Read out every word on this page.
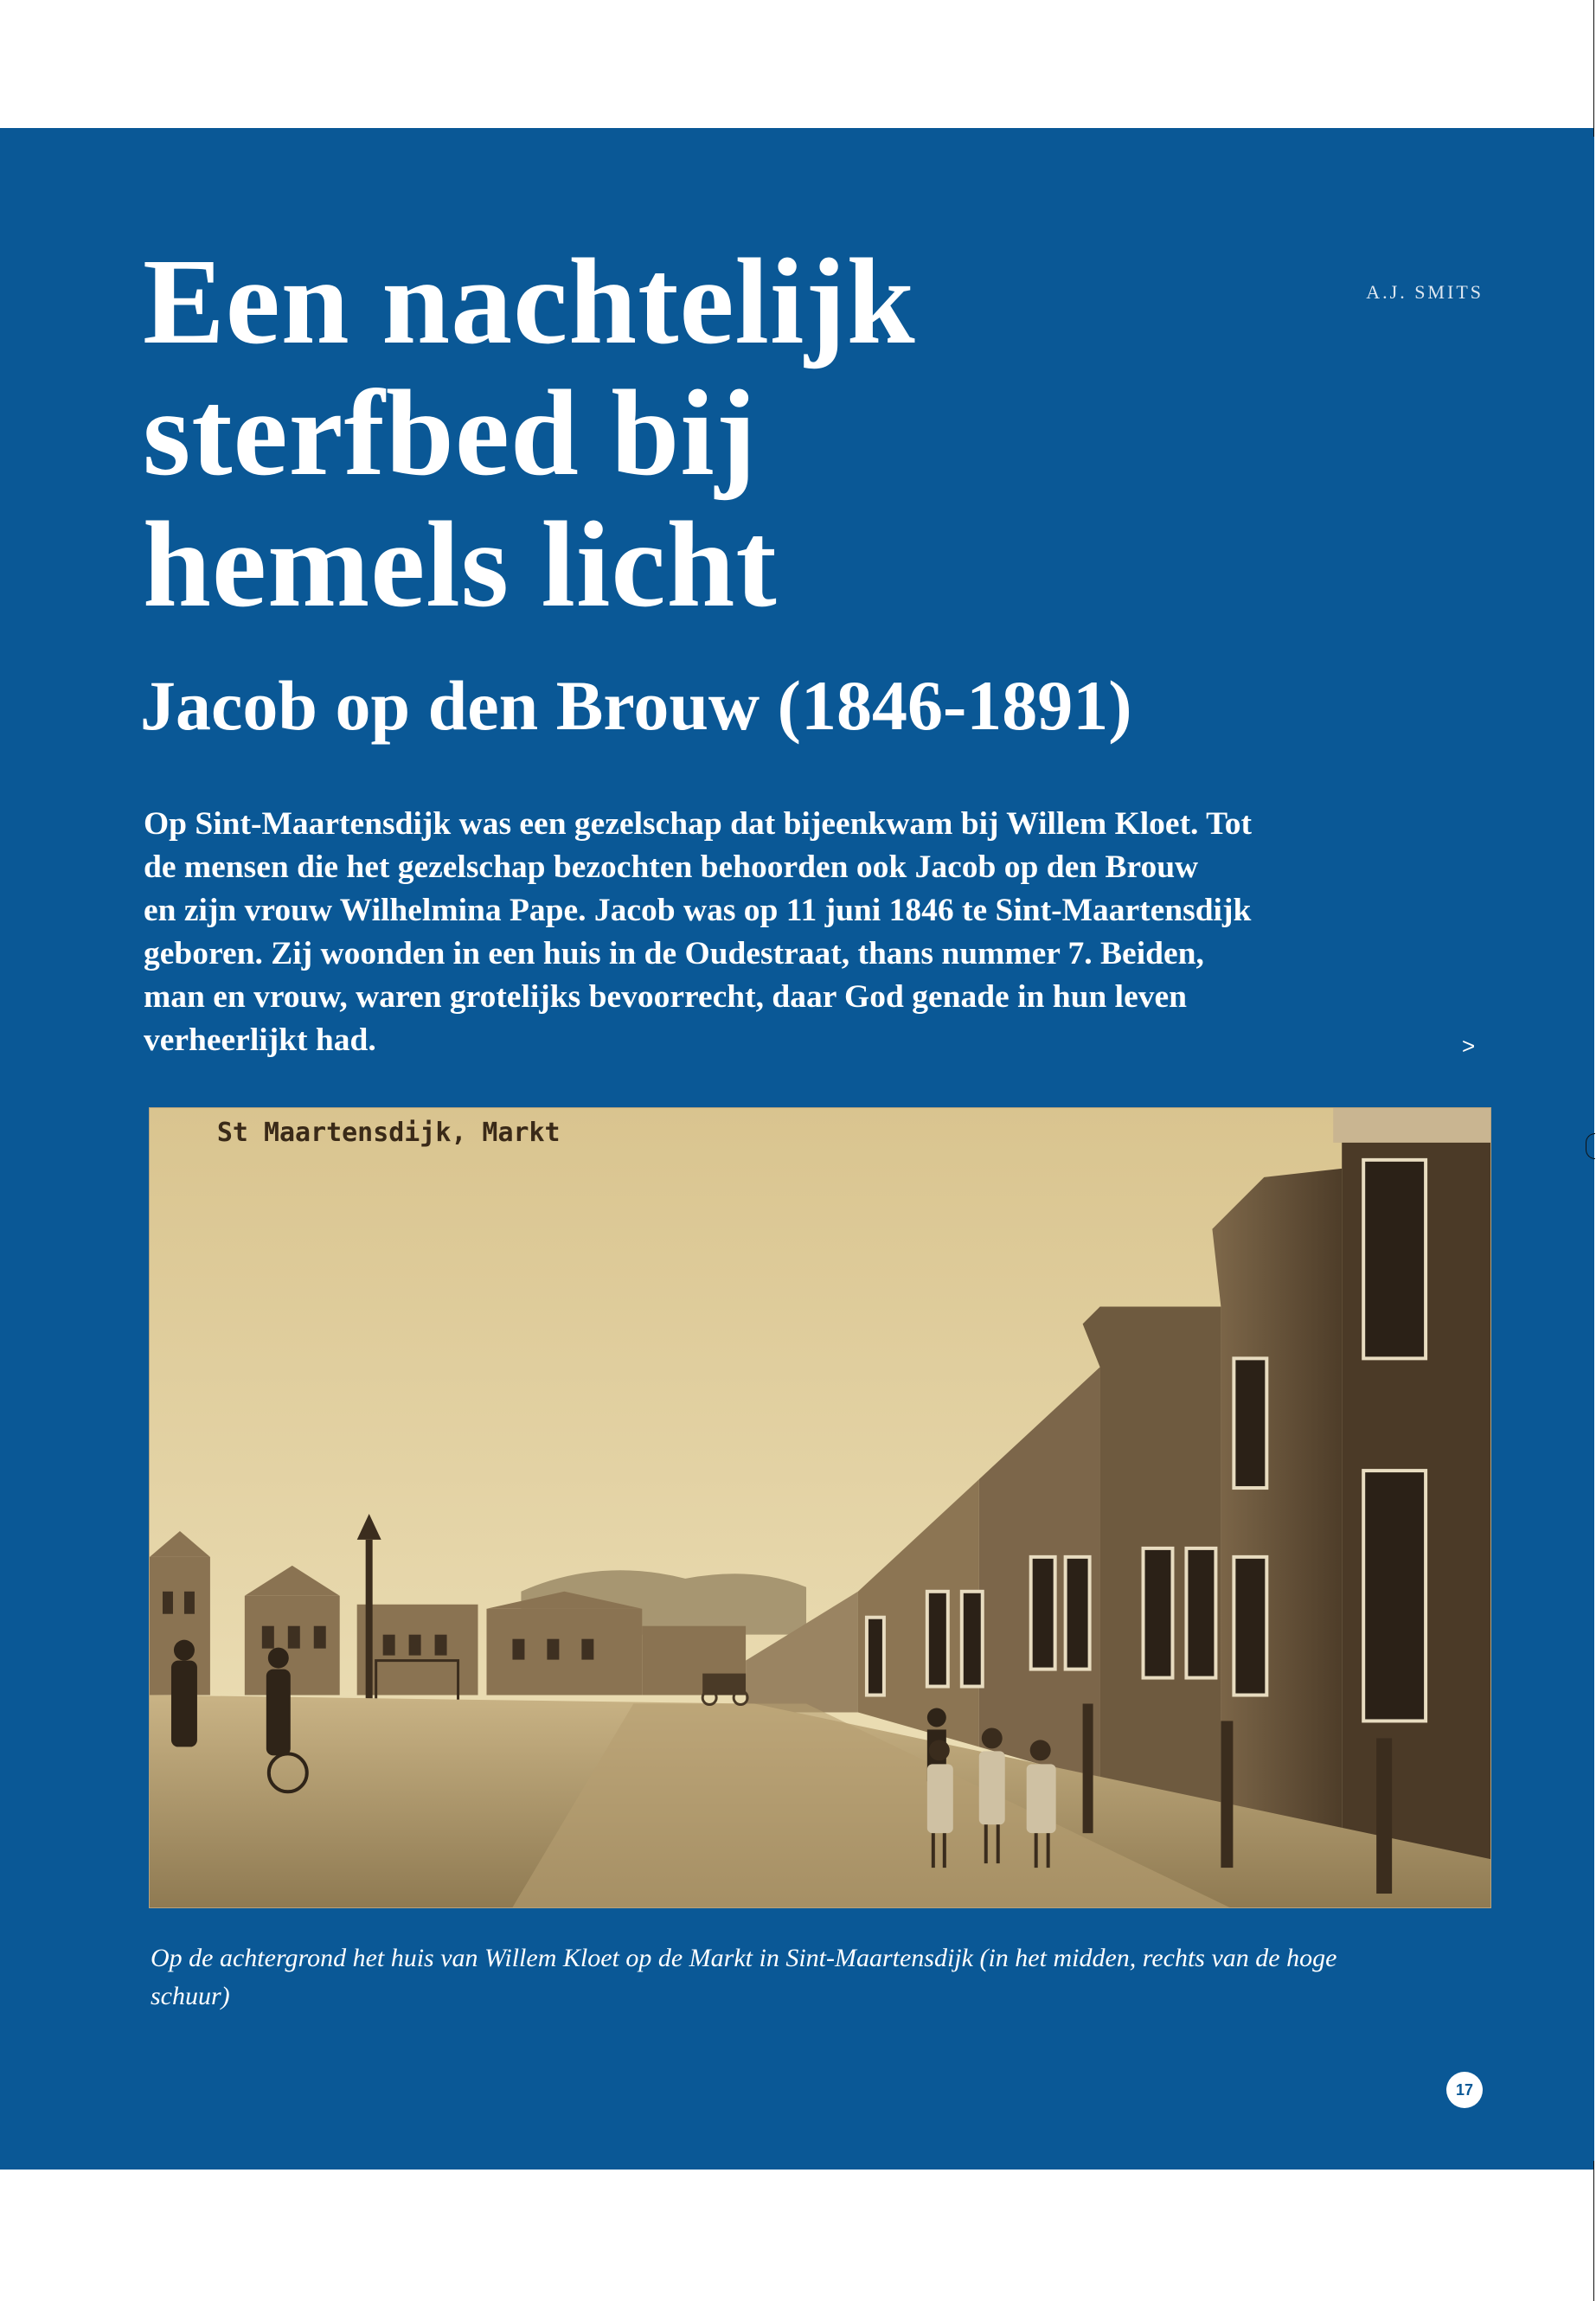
Een nachtelijk
sterfbed bij
hemels licht
A.J. SMITS
Jacob op den Brouw (1846-1891)

Op Sint-Maartensdijk was een gezelschap dat bijeenkwam bij Willem Kloet. Tot
de mensen die het gezelschap bezochten behoorden ook Jacob op den Brouw
en zijn vrouw Wilhelmina Pape. Jacob was op 11 juni 1846 te Sint-Maartensdijk
geboren. Zij woonden in een huis in de Oudestraat, thans nummer 7. Beiden,
man en vrouw, waren grotelijks bevoorrecht, daar God genade in hun leven
verheerlijkt had.	>
St Maartensdijk, Markt

Op de achtergrond het huis van Willem Kloet op de Markt in Sint-Maartensdijk (in het midden, rechts van de hoge
schuur)

17
